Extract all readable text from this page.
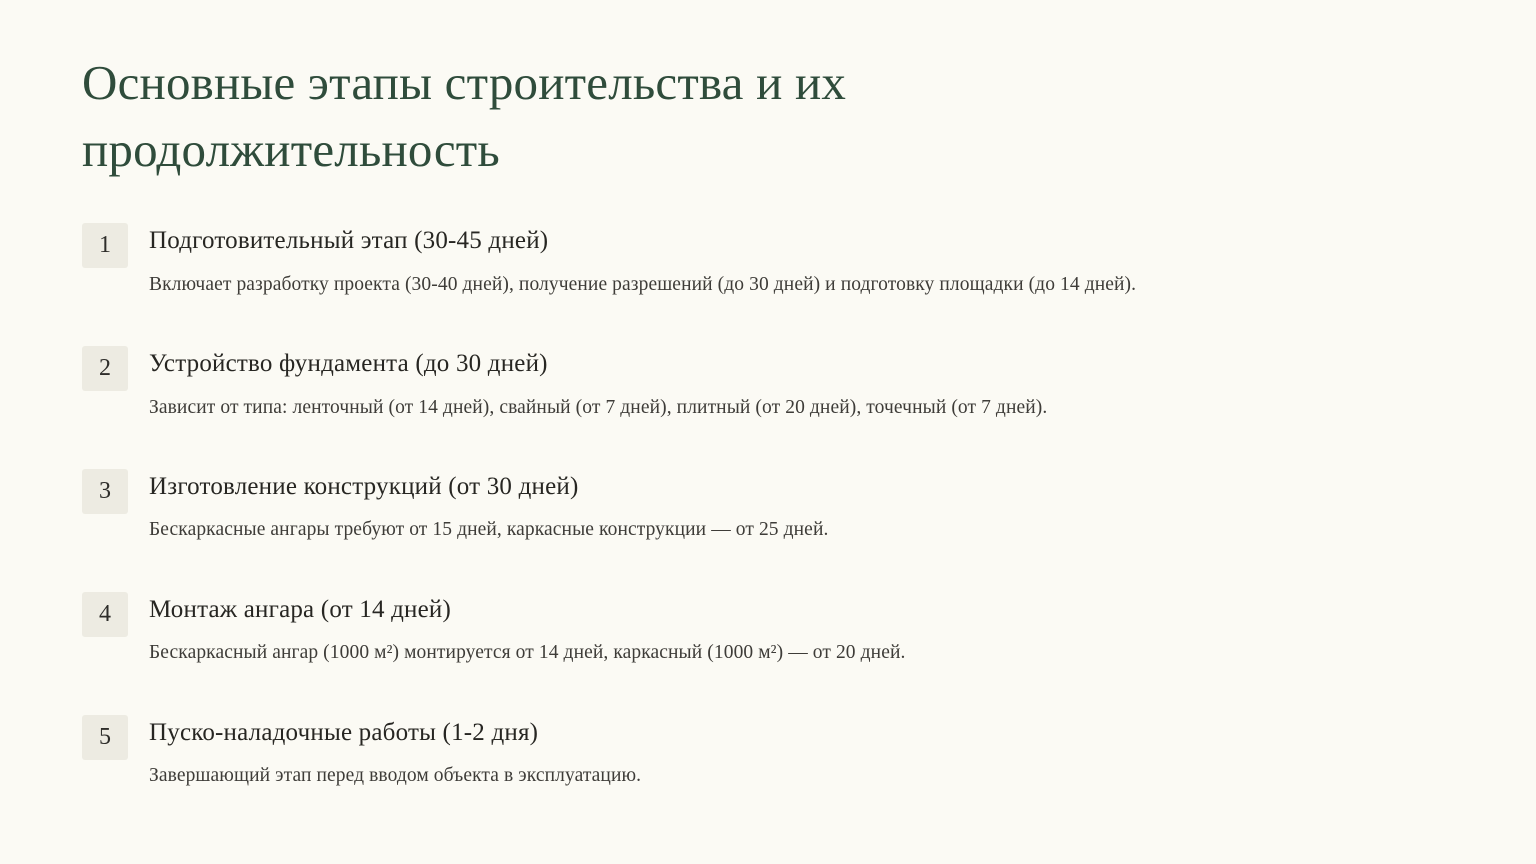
Основные этапы строительства и их продолжительность
1	Подготовительный этап (30-45 дней)
Включает разработку проекта (30-40 дней), получение разрешений (до 30 дней) и подготовку площадки (до 14 дней).
2	Устройство фундамента (до 30 дней)
Зависит от типа: ленточный (от 14 дней), свайный (от 7 дней), плитный (от 20 дней), точечный (от 7 дней).
3	Изготовление конструкций (от 30 дней)
Бескаркасные ангары требуют от 15 дней, каркасные конструкции — от 25 дней.
4	Монтаж ангара (от 14 дней)
Бескаркасный ангар (1000 м²) монтируется от 14 дней, каркасный (1000 м²) — от 20 дней.
5	Пуско-наладочные работы (1-2 дня)
Завершающий этап перед вводом объекта в эксплуатацию.
